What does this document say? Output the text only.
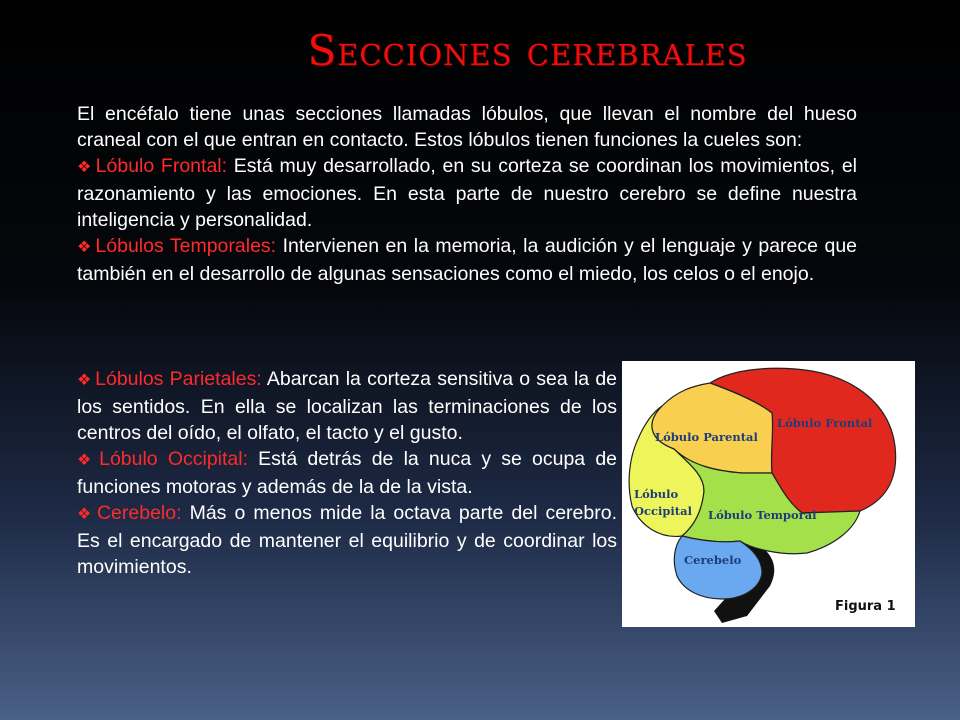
Secciones cerebrales

El encéfalo tiene unas secciones llamadas lóbulos, que llevan el nombre del hueso craneal con el que entran en contacto. Estos lóbulos tienen funciones la cueles son:

❖ Lóbulo Frontal: Está muy desarrollado, en su corteza se coordinan los movimientos, el razonamiento y las emociones. En esta parte de nuestro cerebro se define nuestra inteligencia y personalidad.

❖ Lóbulos Temporales: Intervienen en la memoria, la audición y el lenguaje y parece que también en el desarrollo de algunas sensaciones como el miedo, los celos o el enojo.

❖ Lóbulos Parietales: Abarcan la corteza sensitiva o sea la de los sentidos. En ella se localizan las terminaciones de los centros del oído, el olfato, el tacto y el gusto.

❖ Lóbulo Occipital: Está detrás de la nuca y se ocupa de funciones motoras y además de la de la vista.

❖ Cerebelo: Más o menos mide la octava parte del cerebro. Es el encargado de mantener el equilibrio y de coordinar los movimientos.

Lóbulo Frontal
Lóbulo Parental
Lóbulo
Occipital Lóbulo Temporal
Cerebelo
Figura 1
